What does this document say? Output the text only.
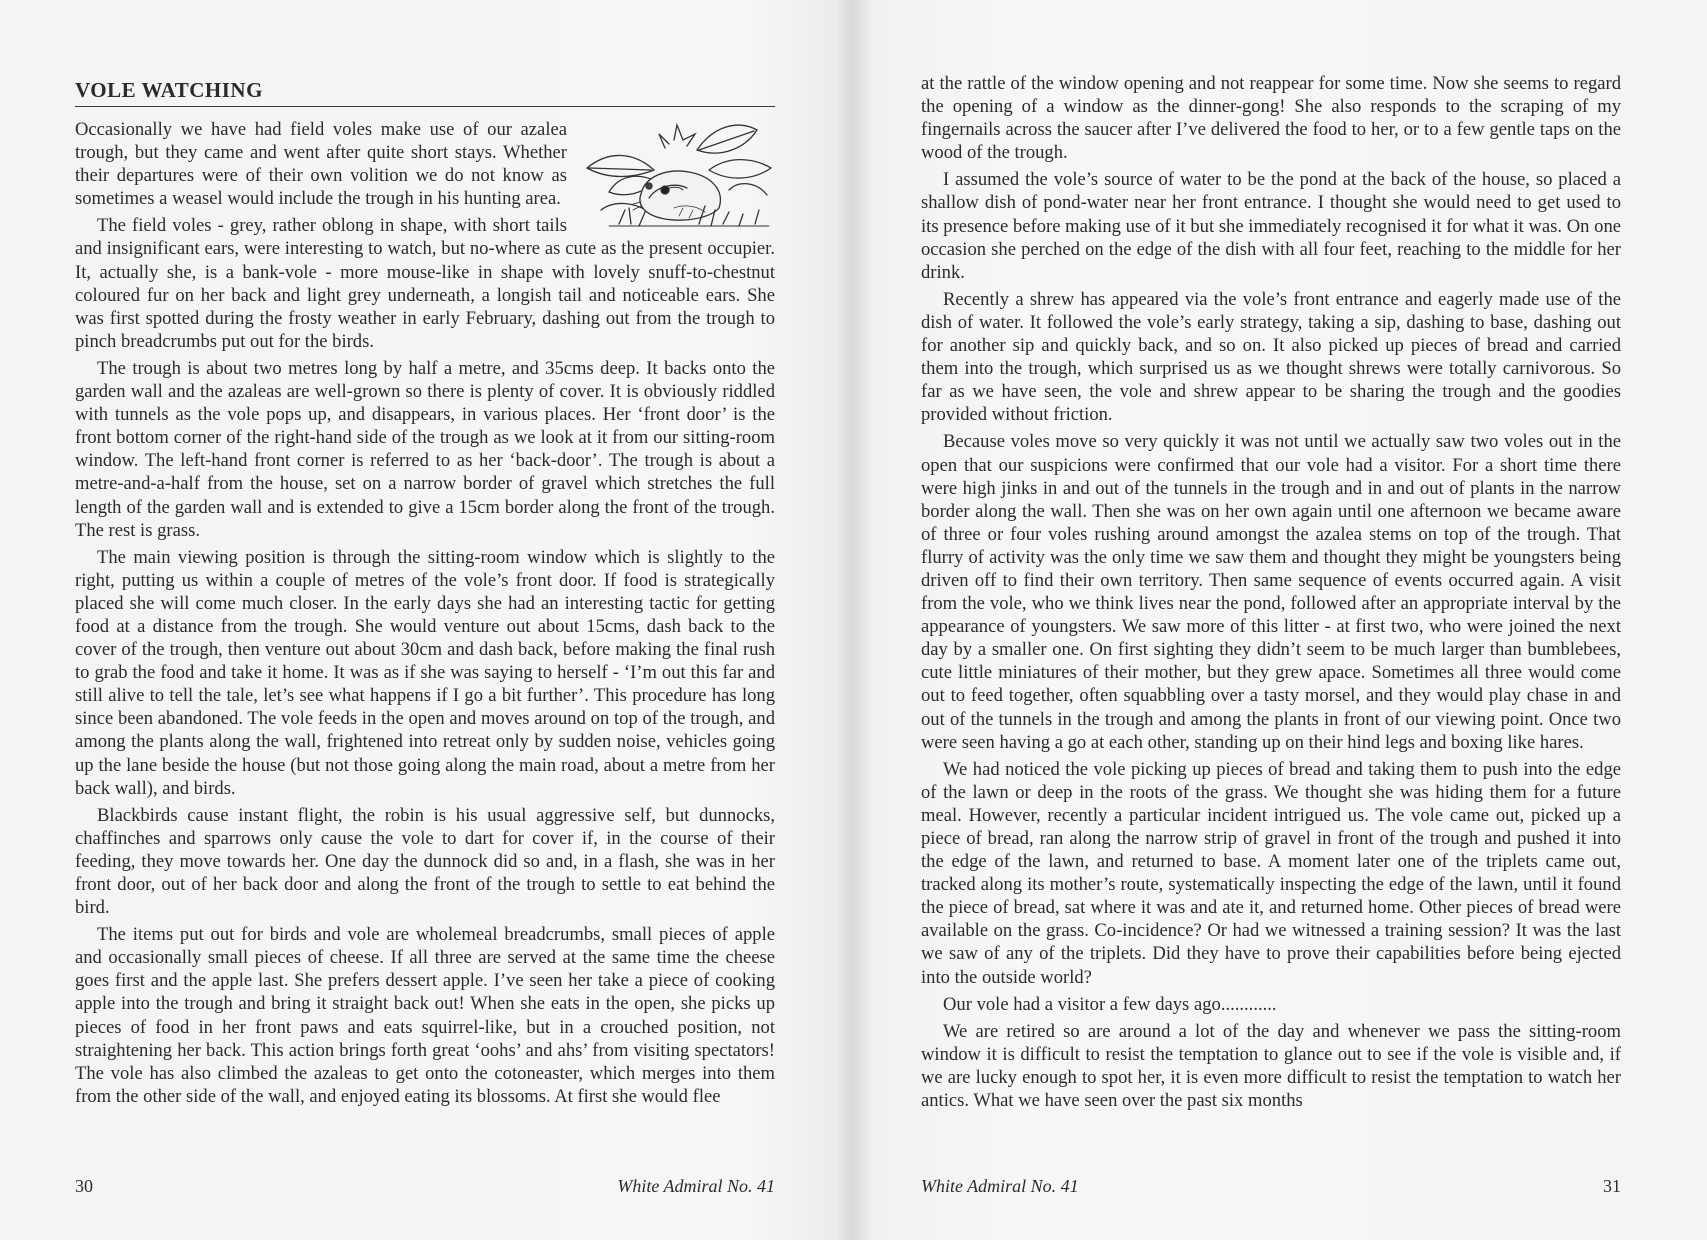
VOLE WATCHING

Occasionally we have had field voles make use of our azalea trough, but they came and went after quite short stays. Whether their departures were of their own volition we do not know as sometimes a weasel would include the trough in his hunting area.

The field voles - grey, rather oblong in shape, with short tails and insignificant ears, were interesting to watch, but no-where as cute as the present occupier. It, actually she, is a bank-vole - more mouse-like in shape with lovely snuff-to-chestnut coloured fur on her back and light grey underneath, a longish tail and noticeable ears. She was first spotted during the frosty weather in early February, dashing out from the trough to pinch breadcrumbs put out for the birds.

The trough is about two metres long by half a metre, and 35cms deep. It backs onto the garden wall and the azaleas are well-grown so there is plenty of cover. It is obviously riddled with tunnels as the vole pops up, and disappears, in various places. Her ‘front door’ is the front bottom corner of the right-hand side of the trough as we look at it from our sitting-room window. The left-hand front corner is referred to as her ‘back-door’. The trough is about a metre-and-a-half from the house, set on a narrow border of gravel which stretches the full length of the garden wall and is extended to give a 15cm border along the front of the trough. The rest is grass.

The main viewing position is through the sitting-room window which is slightly to the right, putting us within a couple of metres of the vole’s front door. If food is strategically placed she will come much closer. In the early days she had an interesting tactic for getting food at a distance from the trough. She would venture out about 15cms, dash back to the cover of the trough, then venture out about 30cm and dash back, before making the final rush to grab the food and take it home. It was as if she was saying to herself - ‘I’m out this far and still alive to tell the tale, let’s see what happens if I go a bit further’. This procedure has long since been abandoned. The vole feeds in the open and moves around on top of the trough, and among the plants along the wall, frightened into retreat only by sudden noise, vehicles going up the lane beside the house (but not those going along the main road, about a metre from her back wall), and birds.

Blackbirds cause instant flight, the robin is his usual aggressive self, but dunnocks, chaffinches and sparrows only cause the vole to dart for cover if, in the course of their feeding, they move towards her. One day the dunnock did so and, in a flash, she was in her front door, out of her back door and along the front of the trough to settle to eat behind the bird.

The items put out for birds and vole are wholemeal breadcrumbs, small pieces of apple and occasionally small pieces of cheese. If all three are served at the same time the cheese goes first and the apple last. She prefers dessert apple. I’ve seen her take a piece of cooking apple into the trough and bring it straight back out! When she eats in the open, she picks up pieces of food in her front paws and eats squirrel-like, but in a crouched position, not straightening her back. This action brings forth great ‘oohs’ and ahs’ from visiting spectators! The vole has also climbed the azaleas to get onto the cotoneaster, which merges into them from the other side of the wall, and enjoyed eating its blossoms. At first she would flee

30	White Admiral No. 41

at the rattle of the window opening and not reappear for some time. Now she seems to regard the opening of a window as the dinner-gong! She also responds to the scraping of my fingernails across the saucer after I’ve delivered the food to her, or to a few gentle taps on the wood of the trough.

I assumed the vole’s source of water to be the pond at the back of the house, so placed a shallow dish of pond-water near her front entrance. I thought she would need to get used to its presence before making use of it but she immediately recognised it for what it was. On one occasion she perched on the edge of the dish with all four feet, reaching to the middle for her drink.

Recently a shrew has appeared via the vole’s front entrance and eagerly made use of the dish of water. It followed the vole’s early strategy, taking a sip, dashing to base, dashing out for another sip and quickly back, and so on. It also picked up pieces of bread and carried them into the trough, which surprised us as we thought shrews were totally carnivorous. So far as we have seen, the vole and shrew appear to be sharing the trough and the goodies provided without friction.

Because voles move so very quickly it was not until we actually saw two voles out in the open that our suspicions were confirmed that our vole had a visitor. For a short time there were high jinks in and out of the tunnels in the trough and in and out of plants in the narrow border along the wall. Then she was on her own again until one afternoon we became aware of three or four voles rushing around amongst the azalea stems on top of the trough. That flurry of activity was the only time we saw them and thought they might be youngsters being driven off to find their own territory. Then same sequence of events occurred again. A visit from the vole, who we think lives near the pond, followed after an appropriate interval by the appearance of youngsters. We saw more of this litter - at first two, who were joined the next day by a smaller one. On first sighting they didn’t seem to be much larger than bumblebees, cute little miniatures of their mother, but they grew apace. Sometimes all three would come out to feed together, often squabbling over a tasty morsel, and they would play chase in and out of the tunnels in the trough and among the plants in front of our viewing point. Once two were seen having a go at each other, standing up on their hind legs and boxing like hares.

We had noticed the vole picking up pieces of bread and taking them to push into the edge of the lawn or deep in the roots of the grass. We thought she was hiding them for a future meal. However, recently a particular incident intrigued us. The vole came out, picked up a piece of bread, ran along the narrow strip of gravel in front of the trough and pushed it into the edge of the lawn, and returned to base. A moment later one of the triplets came out, tracked along its mother’s route, systematically inspecting the edge of the lawn, until it found the piece of bread, sat where it was and ate it, and returned home. Other pieces of bread were available on the grass. Co-incidence? Or had we witnessed a training session? It was the last we saw of any of the triplets. Did they have to prove their capabilities before being ejected into the outside world?

Our vole had a visitor a few days ago............

We are retired so are around a lot of the day and whenever we pass the sitting-room window it is difficult to resist the temptation to glance out to see if the vole is visible and, if we are lucky enough to spot her, it is even more difficult to resist the temptation to watch her antics. What we have seen over the past six months

White Admiral No. 41	31
